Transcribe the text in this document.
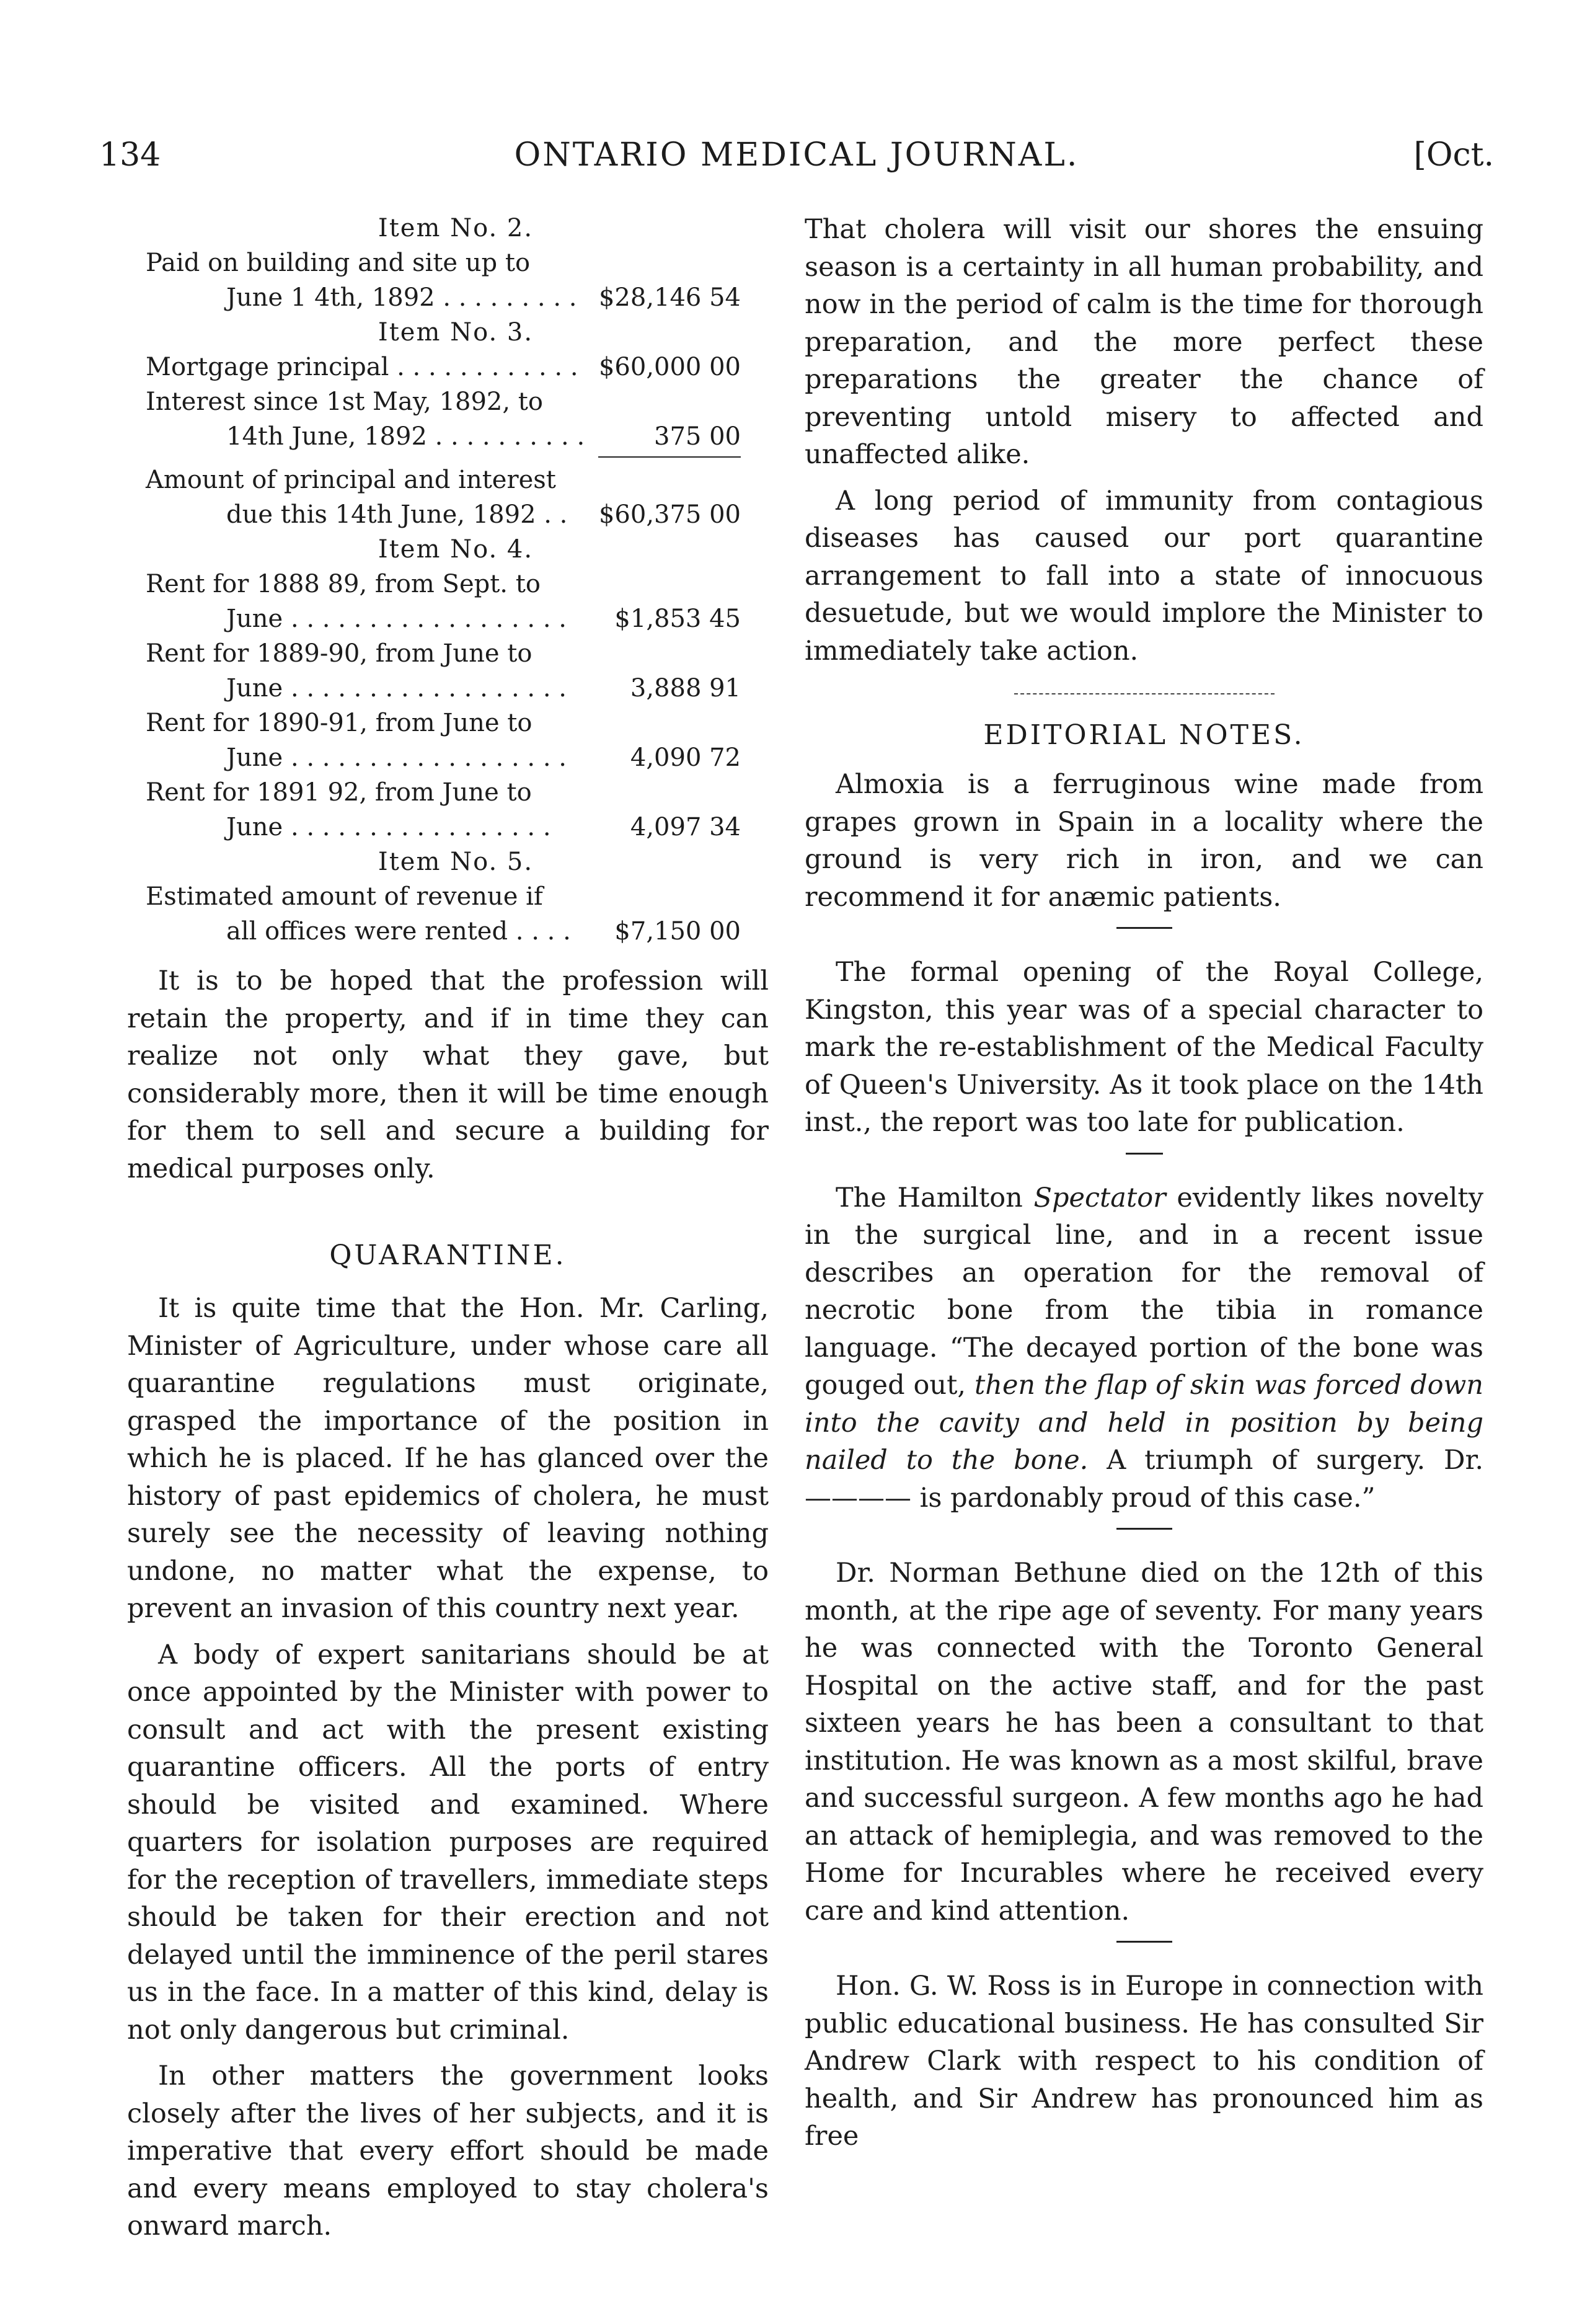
134	ONTARIO MEDICAL JOURNAL.	[Oct.
Item No. 2.
Paid on building and site up to
June 1 4th, 1892 . . . . . . . . . $28,146 54
Item No. 3.
Mortgage principal . . . . . . . . . . . . $60,000 00
Interest since 1st May, 1892, to
14th June, 1892 . . . . . . . . . .	375 00
Amount of principal and interest
due this 14th June, 1892 . .	$60,375 00
Item No. 4.
Rent for 1888 89, from Sept. to
June . . . . . . . . . . . . . . . . . .	$1,853 45
Rent for 1889-90, from June to
June . . . . . . . . . . . . . . . . . .	3,888 91
Rent for 1890-91, from June to
June . . . . . . . . . . . . . . . . . .	4,090 72
Rent for 1891 92, from June to
June . . . . . . . . . . . . . . . . .	4,097 34
Item No. 5.
Estimated amount of revenue if
all offices were rented . . . .	$7,150 00

It is to be hoped that the profession will retain the property, and if in time they can realize not only what they gave, but considerably more, then it will be time enough for them to sell and secure a building for medical purposes only.

QUARANTINE.

It is quite time that the Hon. Mr. Carling, Minister of Agriculture, under whose care all quarantine regulations must originate, grasped the importance of the position in which he is placed. If he has glanced over the history of past epidemics of cholera, he must surely see the necessity of leaving nothing undone, no matter what the expense, to prevent an invasion of this country next year.

A body of expert sanitarians should be at once appointed by the Minister with power to consult and act with the present existing quarantine officers. All the ports of entry should be visited and examined. Where quarters for isolation purposes are required for the reception of travellers, immediate steps should be taken for their erection and not delayed until the imminence of the peril stares us in the face. In a matter of this kind, delay is not only dangerous but criminal.

In other matters the government looks closely after the lives of her subjects, and it is imperative that every effort should be made and every means employed to stay cholera's onward march.

That cholera will visit our shores the ensuing season is a certainty in all human probability, and now in the period of calm is the time for thorough preparation, and the more perfect these preparations the greater the chance of preventing untold misery to affected and unaffected alike.

A long period of immunity from contagious diseases has caused our port quarantine arrangement to fall into a state of innocuous desuetude, but we would implore the Minister to immediately take action.

EDITORIAL NOTES.

Almoxia is a ferruginous wine made from grapes grown in Spain in a locality where the ground is very rich in iron, and we can recommend it for anæmic patients.

The formal opening of the Royal College, Kingston, this year was of a special character to mark the re-establishment of the Medical Faculty of Queen's University. As it took place on the 14th inst., the report was too late for publication.

The Hamilton Spectator evidently likes novelty in the surgical line, and in a recent issue describes an operation for the removal of necrotic bone from the tibia in romance language. “The decayed portion of the bone was gouged out, then the flap of skin was forced down into the cavity and held in position by being nailed to the bone. A triumph of surgery. Dr. ———— is pardonably proud of this case.”

Dr. Norman Bethune died on the 12th of this month, at the ripe age of seventy. For many years he was connected with the Toronto General Hospital on the active staff, and for the past sixteen years he has been a consultant to that institution. He was known as a most skilful, brave and successful surgeon. A few months ago he had an attack of hemiplegia, and was removed to the Home for Incurables where he received every care and kind attention.

Hon. G. W. Ross is in Europe in connection with public educational business. He has consulted Sir Andrew Clark with respect to his condition of health, and Sir Andrew has pronounced him as free
